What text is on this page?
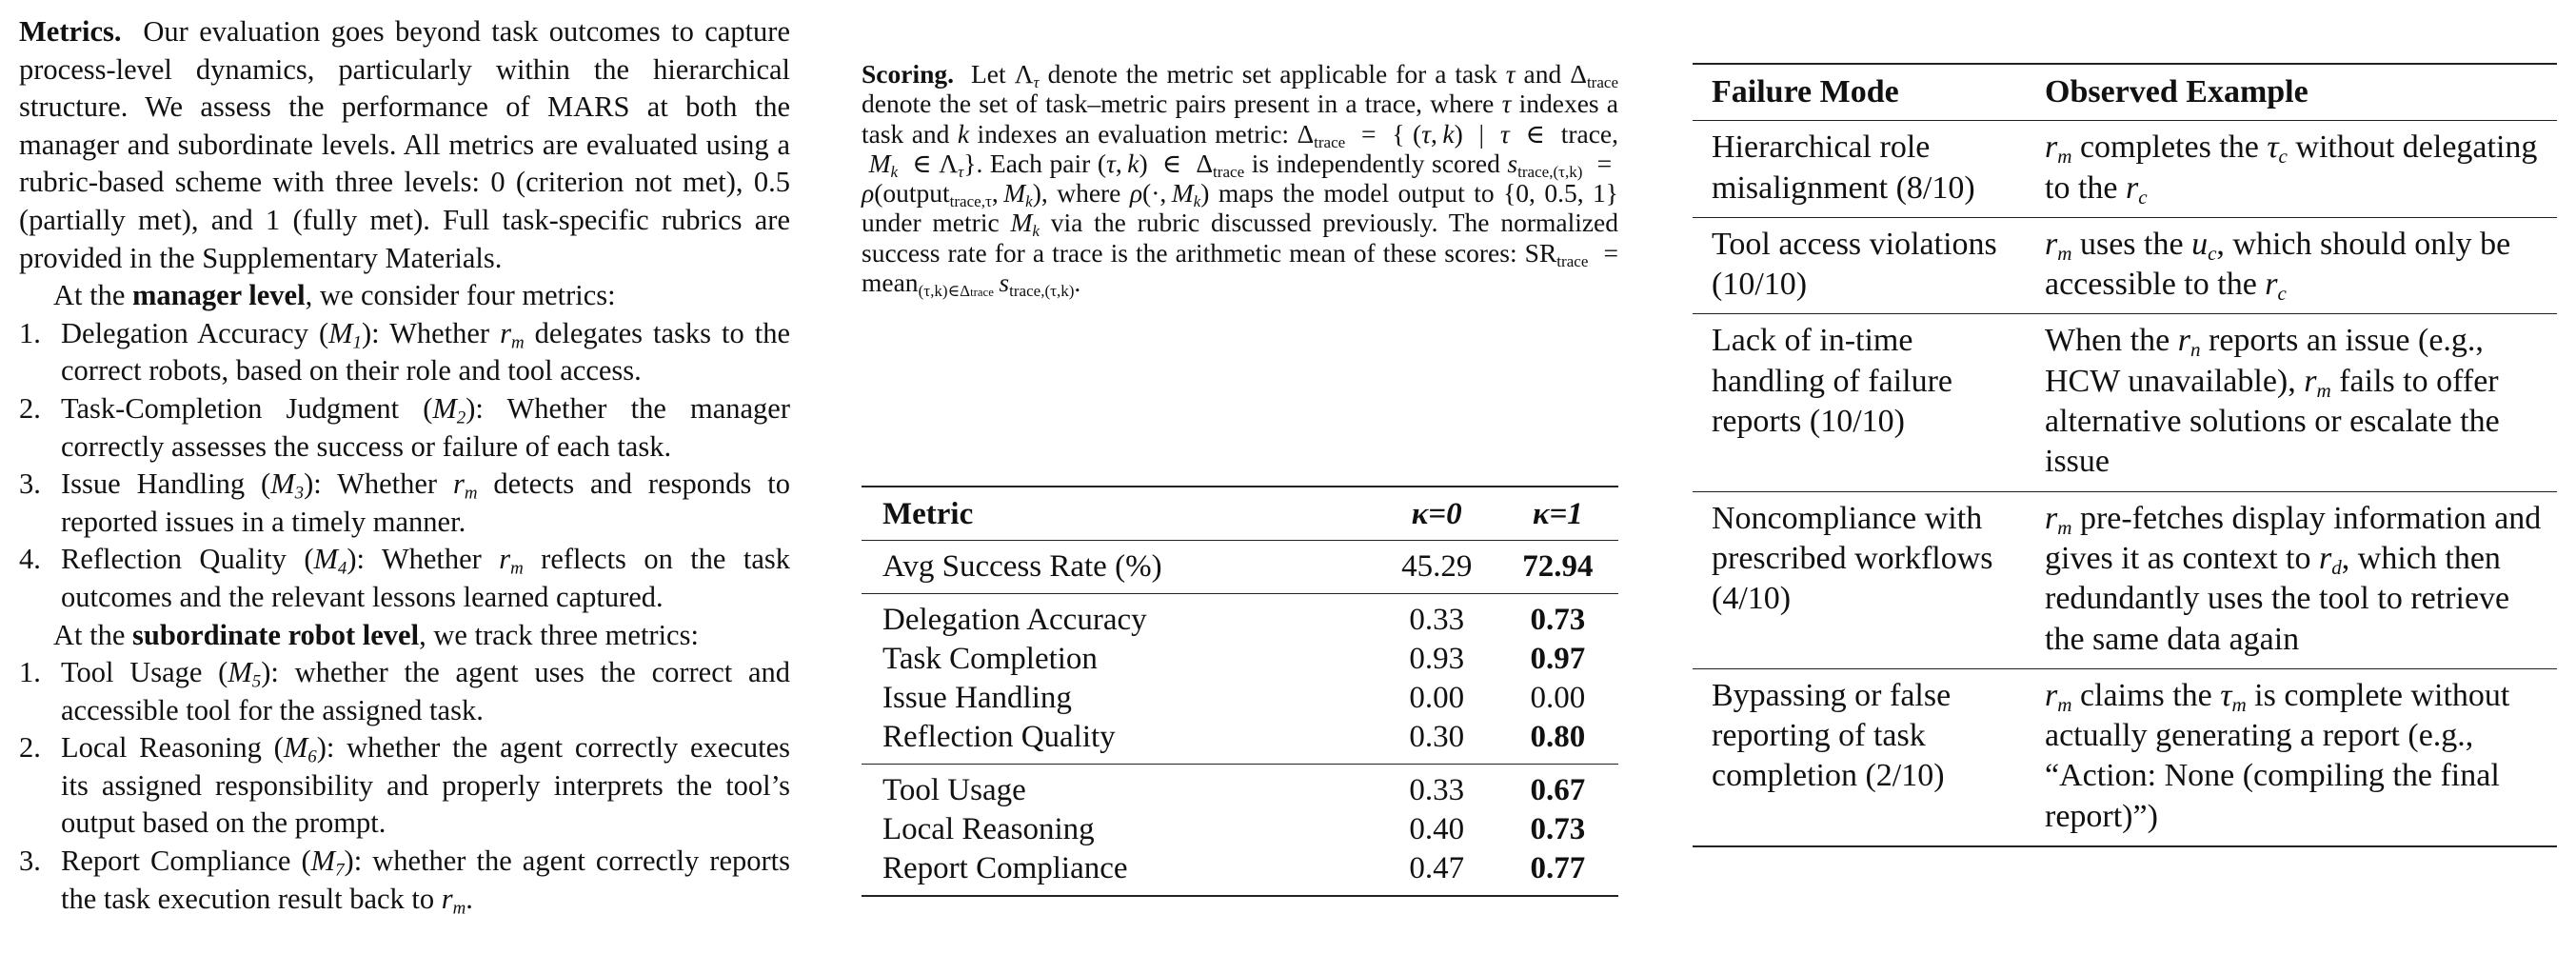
Metrics. Our evaluation goes beyond task outcomes to capture process-level dynamics, particularly within the hierarchical structure. We assess the performance of MARS at both the manager and subordinate levels. All metrics are evaluated using a rubric-based scheme with three levels: 0 (criterion not met), 0.5 (partially met), and 1 (fully met). Full task-specific rubrics are provided in the Supplementary Materials.

At the manager level, we consider four metrics:

1. Delegation Accuracy $(M_1)$: Whether $r_m$ delegates tasks to the correct robots, based on their role and tool access.
2. Task-Completion Judgment $(M_2)$: Whether the manager correctly assesses the success or failure of each task.
3. Issue Handling $(M_3)$: Whether $r_m$ detects and responds to reported issues in a timely manner.
4. Reflection Quality $(M_4)$: Whether $r_m$ reflects on the task outcomes and the relevant lessons learned captured.

At the subordinate robot level, we track three metrics:

1. Tool Usage $(M_5)$: whether the agent uses the correct and accessible tool for the assigned task.
2. Local Reasoning $(M_6)$: whether the agent correctly executes its assigned responsibility and properly interprets the tool’s output based on the prompt.
3. Report Compliance $(M_7)$: whether the agent correctly reports the task execution result back to $r_m$.

Scoring. Let $\Lambda_\tau$ denote the metric set applicable for a task τ and $\Delta_{trace}$ denote the set of task–metric pairs present in a trace, where τ indexes a task and k indexes an evaluation metric: $\Delta_{trace}$  =  { (τ, k)  |  τ  ∈  trace,  $M_k$  ∈ $\Lambda_\tau$}. Each pair (τ, k)  ∈  $\Delta_{trace}$ is independently scored $s_{trace,(\tau,k)}$  =  ρ(output$_{trace,\tau}$, $M_k$), where ρ(·, $M_k$) maps the model output to {0, 0.5, 1} under metric $M_k$ via the rubric discussed previously. The normalized success rate for a trace is the arithmetic mean of these scores: $SR_{trace}$  = mean$_{(\tau,k)\in\Delta trace}$  $s_{trace,(\tau,k)}$.

Metric	κ=0	κ=1
Avg Success Rate (%)	45.29	72.94
Delegation Accuracy	0.33	0.73
Task Completion	0.93	0.97
Issue Handling	0.00	0.00
Reflection Quality	0.30	0.80
Tool Usage	0.33	0.67
Local Reasoning	0.40	0.73
Report Compliance	0.47	0.77
Failure Mode	Observed Example
Hierarchical role misalignment (8/10)	$r_m$ completes the $\tau_c$ without delegating to the $r_c$
Tool access violations (10/10)	$r_m$ uses the $u_c$, which should only be accessible to the $r_c$
Lack of in-time handling of failure reports (10/10)	When the $r_n$ reports an issue (e.g., HCW unavailable), $r_m$ fails to offer alternative solutions or escalate the issue
Noncompliance with prescribed workflows (4/10)	$r_m$ pre-fetches display information and gives it as context to $r_d$, which then redundantly uses the tool to retrieve the same data again
Bypassing or false reporting of task completion (2/10)	$r_m$ claims the $\tau_m$ is complete without actually generating a report (e.g., “Action: None (compiling the final report)”)
